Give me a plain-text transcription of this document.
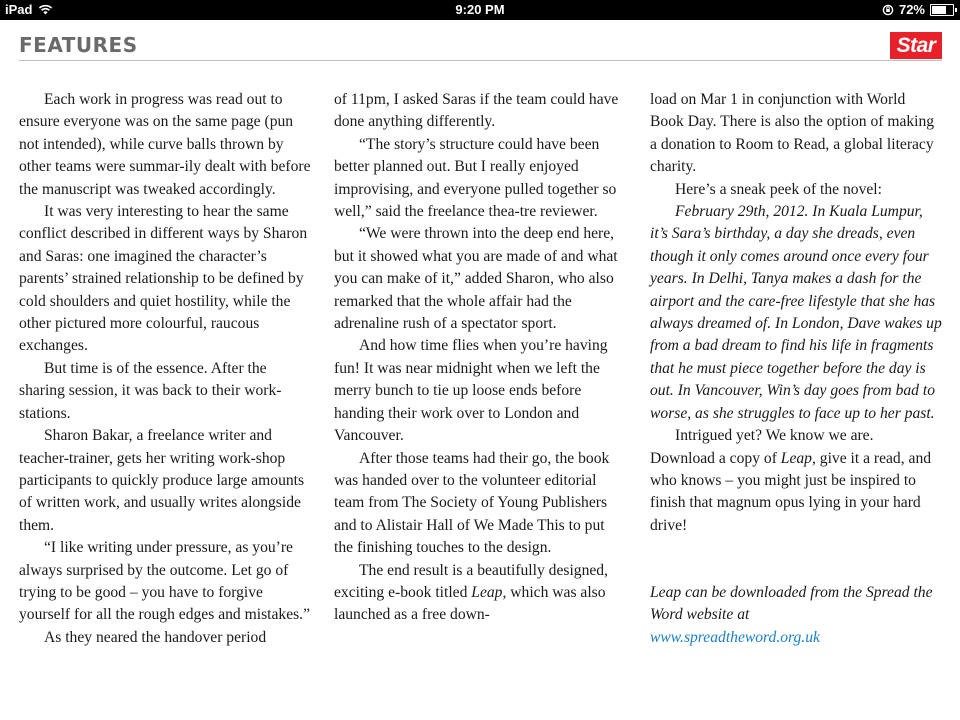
iPad	9:20 PM	72%
FEATURES	Star

Each work in progress was read out to ensure everyone was on the same page (pun not intended), while curve balls thrown by other teams were summar-ily dealt with before the manuscript was tweaked accordingly.

It was very interesting to hear the same conflict described in different ways by Sharon and Saras: one imagined the character’s parents’ strained relationship to be defined by cold shoulders and quiet hostility, while the other pictured more colourful, raucous exchanges.

But time is of the essence. After the sharing session, it was back to their work-stations.

Sharon Bakar, a freelance writer and teacher-trainer, gets her writing work-shop participants to quickly produce large amounts of written work, and usually writes alongside them.

“I like writing under pressure, as you’re always surprised by the outcome. Let go of trying to be good – you have to forgive yourself for all the rough edges and mistakes.”

As they neared the handover period

of 11pm, I asked Saras if the team could have done anything differently.

“The story’s structure could have been better planned out. But I really enjoyed improvising, and everyone pulled together so well,” said the freelance thea-tre reviewer.

“We were thrown into the deep end here, but it showed what you are made of and what you can make of it,” added Sharon, who also remarked that the whole affair had the adrenaline rush of a spectator sport.

And how time flies when you’re having fun! It was near midnight when we left the merry bunch to tie up loose ends before handing their work over to London and Vancouver.

After those teams had their go, the book was handed over to the volunteer editorial team from The Society of Young Publishers and to Alistair Hall of We Made This to put the finishing touches to the design.

The end result is a beautifully designed, exciting e-book titled Leap, which was also launched as a free down-

load on Mar 1 in conjunction with World Book Day. There is also the option of making a donation to Room to Read, a global literacy charity.

Here’s a sneak peek of the novel:

February 29th, 2012. In Kuala Lumpur, it’s Sara’s birthday, a day she dreads, even though it only comes around once every four years. In Delhi, Tanya makes a dash for the airport and the care-free lifestyle that she has always dreamed of. In London, Dave wakes up from a bad dream to find his life in fragments that he must piece together before the day is out. In Vancouver, Win’s day goes from bad to worse, as she struggles to face up to her past.

Intrigued yet? We know we are. Download a copy of Leap, give it a read, and who knows – you might just be inspired to finish that magnum opus lying in your hard drive!

Leap can be downloaded from the Spread the Word website at

www.spreadtheword.org.uk
